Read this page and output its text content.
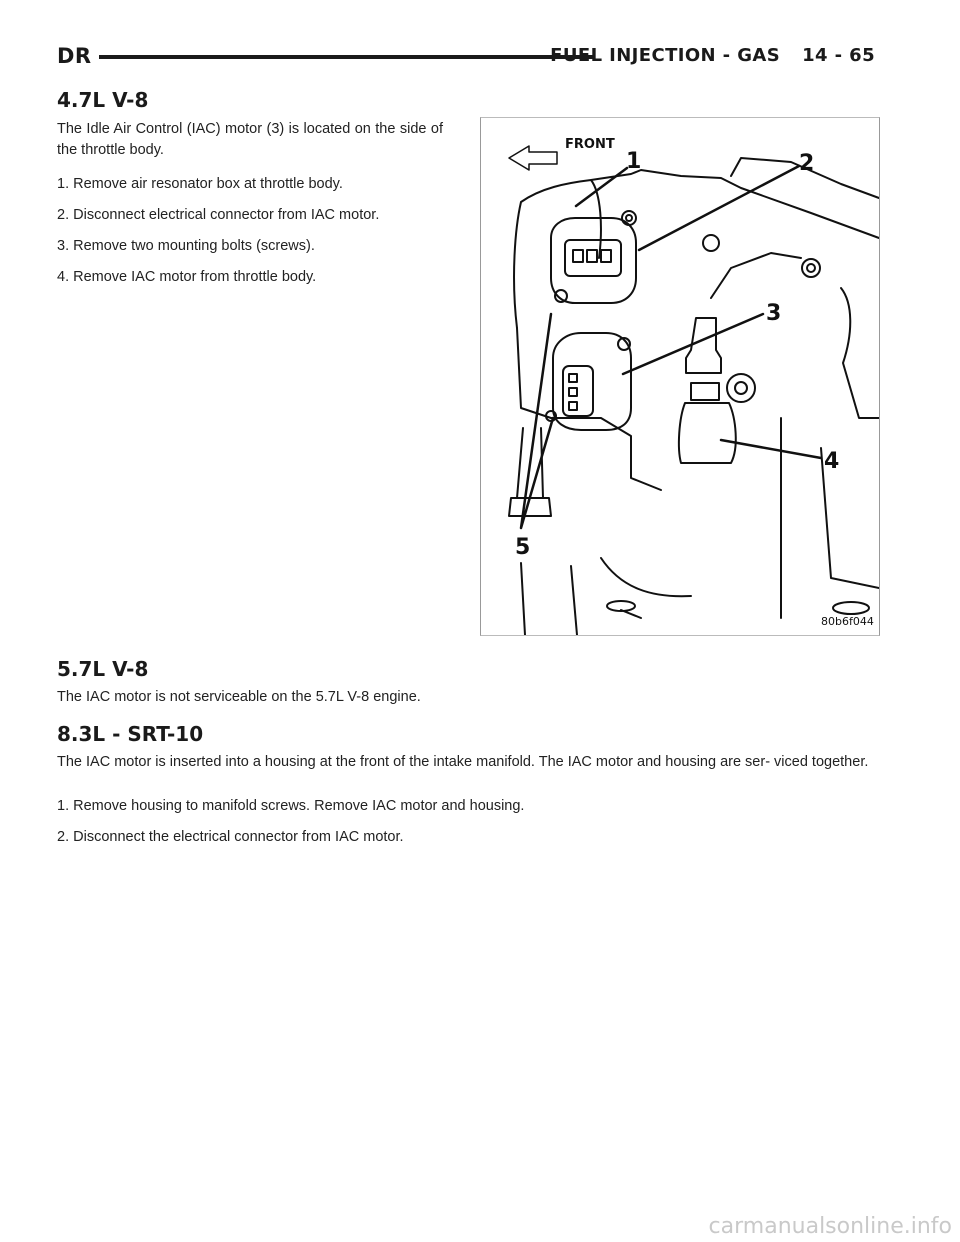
DR	FUEL INJECTION - GAS 14 - 65
4.7L V-8

The Idle Air Control (IAC) motor (3) is located on the side of the throttle body.

1. Remove air resonator box at throttle body.

2. Disconnect electrical connector from IAC motor.

3. Remove two mounting bolts (screws).

4. Remove IAC motor from throttle body.

FRONT
1	2
3
4
5
80b6f044
5.7L V-8

The IAC motor is not serviceable on the 5.7L V-8 engine.

8.3L - SRT-10

The IAC motor is inserted into a housing at the front of the intake manifold. The IAC motor and housing are ser- viced together.

1. Remove housing to manifold screws. Remove IAC motor and housing.

2. Disconnect the electrical connector from IAC motor.

carmanualsonline.info
